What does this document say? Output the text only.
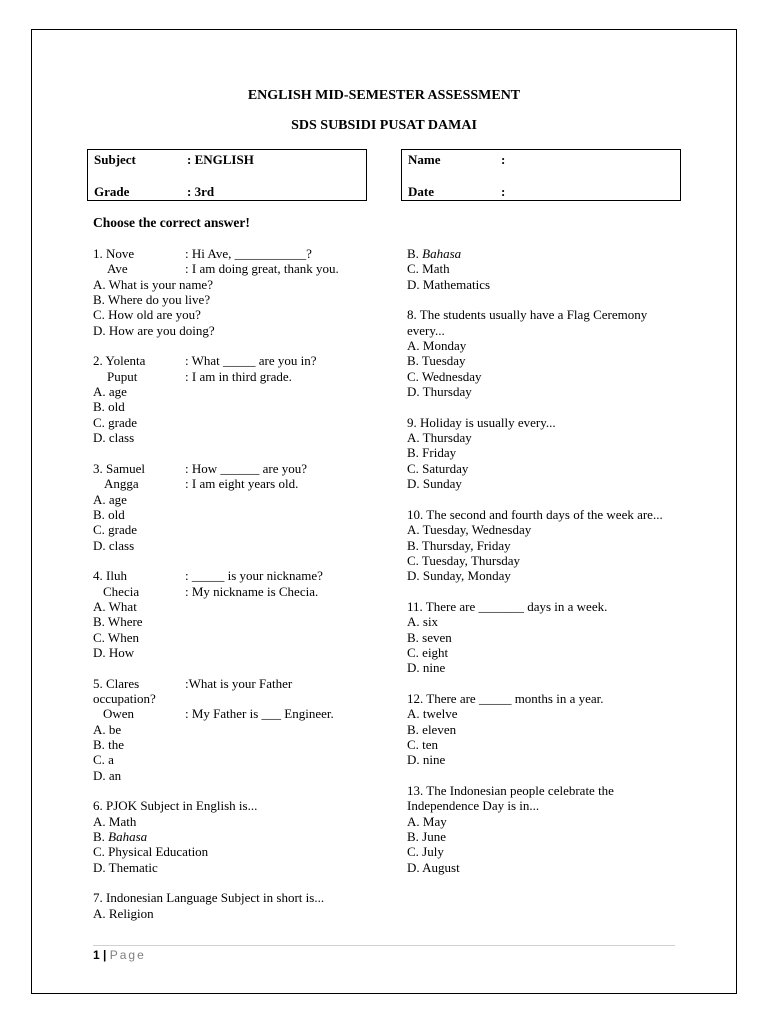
ENGLISH MID-SEMESTER ASSESSMENT
SDS SUBSIDI PUSAT DAMAI
Subject	: ENGLISH
Grade	: 3rd
Name	:
Date	:
Choose the correct answer!
1. Nove	: Hi Ave, ___________?
Ave	: I am doing great, thank you.
A. What is your name?
B. Where do you live?
C. How old are you?
D. How are you doing?
2. Yolenta	: What _____ are you in?
Puput	: I am in third grade.
A. age
B. old
C. grade
D. class
3. Samuel	: How ______ are you?
Angga	: I am eight years old.
A. age
B. old
C. grade
D. class
4. Iluh	: _____ is your nickname?
Checia	: My nickname is Checia.
A. What
B. Where
C. When
D. How
5. Clares	:What is your Father
occupation?
Owen	: My Father is ___ Engineer.
A. be
B. the
C. a
D. an
6. PJOK Subject in English is...
A. Math
B. Bahasa
C. Physical Education
D. Thematic
7. Indonesian Language Subject in short is...
A. Religion
B. Bahasa
C. Math
D. Mathematics
8. The students usually have a Flag Ceremony every...
A. Monday
B. Tuesday
C. Wednesday
D. Thursday
9. Holiday is usually every...
A. Thursday
B. Friday
C. Saturday
D. Sunday
10. The second and fourth days of the week are...
A. Tuesday, Wednesday
B. Thursday, Friday
C. Tuesday, Thursday
D. Sunday, Monday
11. There are _______ days in a week.
A. six
B. seven
C. eight
D. nine
12. There are _____ months in a year.
A. twelve
B. eleven
C. ten
D. nine
13. The Indonesian people celebrate the Independence Day is in...
A. May
B. June
C. July
D. August
1 | Page
